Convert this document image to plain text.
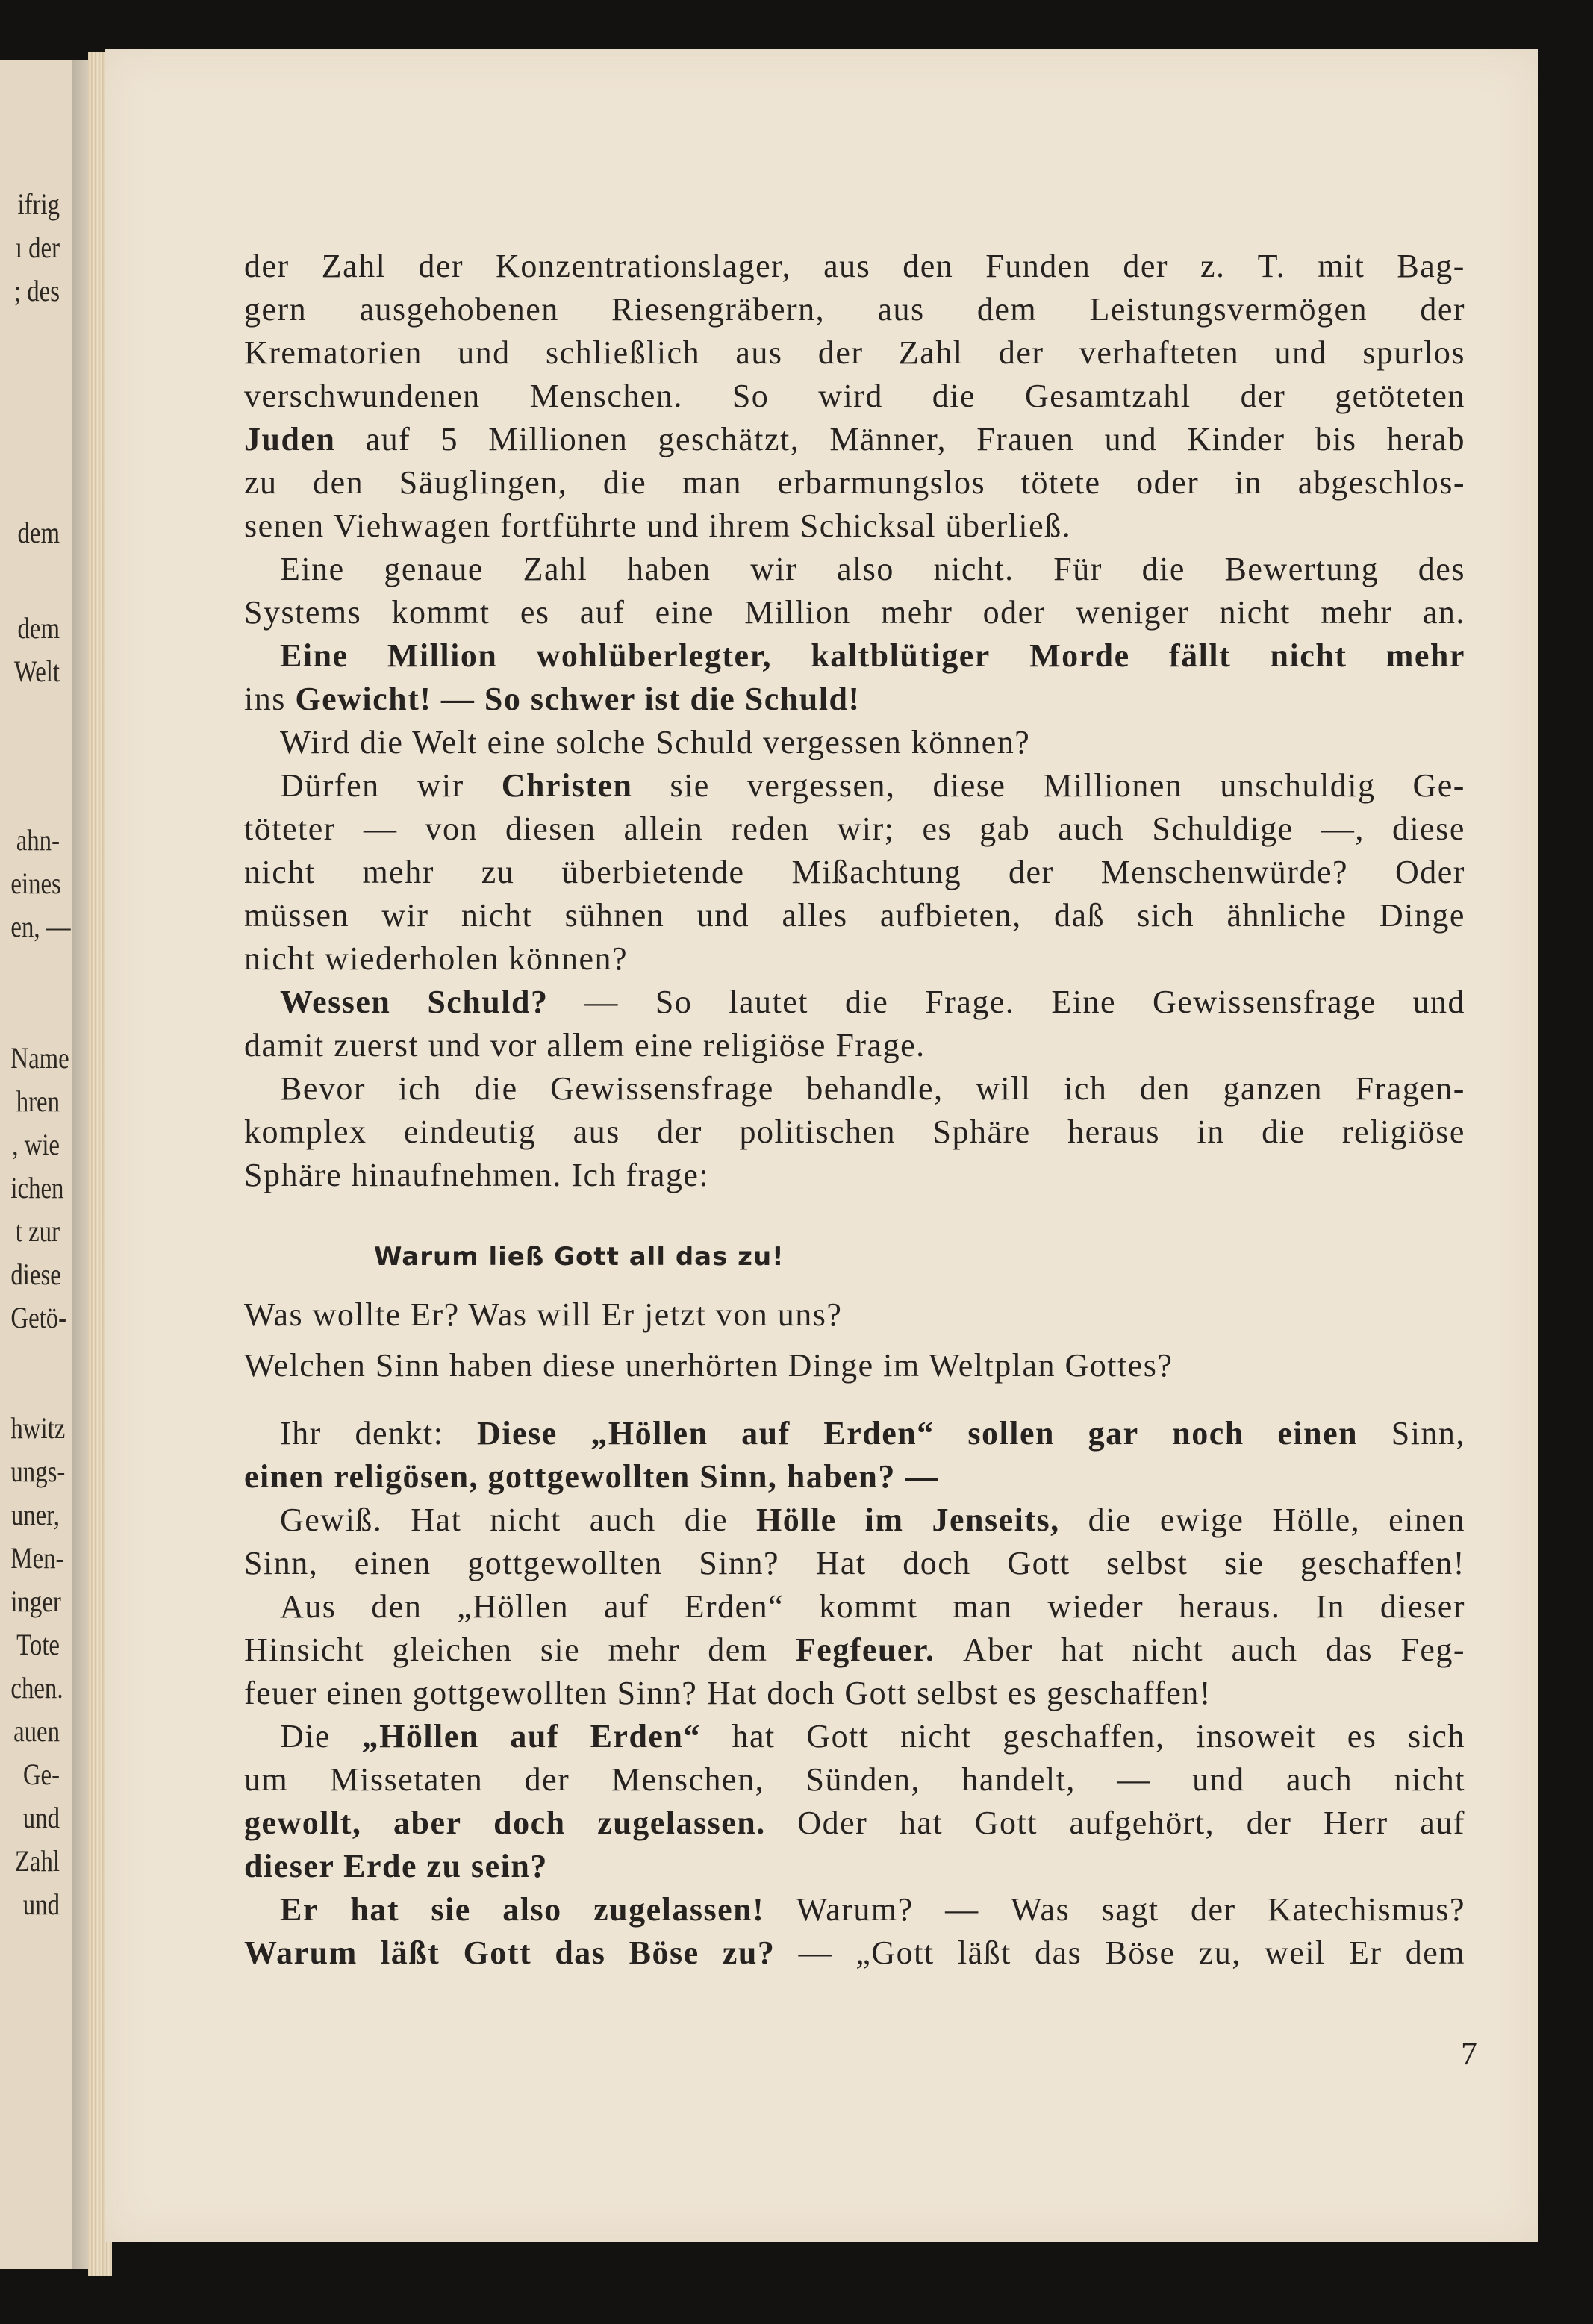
ifrig
ı der
; des
dem
dem
Welt
ahn-
eines
en, —
Name
hren
, wie
ichen
t zur
diese
Getö-
hwitz
ungs-
uner,
Men-
inger
Tote
chen.
auen
Ge-
und
Zahl
und
der Zahl der Konzentrationslager, aus den Funden der z. T. mit Bag-
gern ausgehobenen Riesengräbern, aus dem Leistungsvermögen der
Krematorien und schließlich aus der Zahl der verhafteten und spurlos
verschwundenen Menschen. So wird die Gesamtzahl der getöteten
Juden auf 5 Millionen geschätzt, Männer, Frauen und Kinder bis herab
zu den Säuglingen, die man erbarmungslos tötete oder in abgeschlos-
senen Viehwagen fortführte und ihrem Schicksal überließ.
Eine genaue Zahl haben wir also nicht. Für die Bewertung des
Systems kommt es auf eine Million mehr oder weniger nicht mehr an.
Eine Million wohlüberlegter, kaltblütiger Morde fällt nicht mehr
ins Gewicht! — So schwer ist die Schuld!
Wird die Welt eine solche Schuld vergessen können?
Dürfen wir Christen sie vergessen, diese Millionen unschuldig Ge-
töteter — von diesen allein reden wir; es gab auch Schuldige —, diese
nicht mehr zu überbietende Mißachtung der Menschenwürde? Oder
müssen wir nicht sühnen und alles aufbieten, daß sich ähnliche Dinge
nicht wiederholen können?
Wessen Schuld? — So lautet die Frage. Eine Gewissensfrage und
damit zuerst und vor allem eine religiöse Frage.
Bevor ich die Gewissensfrage behandle, will ich den ganzen Fragen-
komplex eindeutig aus der politischen Sphäre heraus in die religiöse
Sphäre hinaufnehmen. Ich frage:
Warum ließ Gott all das zu!
Was wollte Er? Was will Er jetzt von uns?
Welchen Sinn haben diese unerhörten Dinge im Weltplan Gottes?
Ihr denkt: Diese „Höllen auf Erden“ sollen gar noch einen Sinn,
einen religösen, gottgewollten Sinn, haben? —
Gewiß. Hat nicht auch die Hölle im Jenseits, die ewige Hölle, einen
Sinn, einen gottgewollten Sinn? Hat doch Gott selbst sie geschaffen!
Aus den „Höllen auf Erden“ kommt man wieder heraus. In dieser
Hinsicht gleichen sie mehr dem Fegfeuer. Aber hat nicht auch das Feg-
feuer einen gottgewollten Sinn? Hat doch Gott selbst es geschaffen!
Die „Höllen auf Erden“ hat Gott nicht geschaffen, insoweit es sich
um Missetaten der Menschen, Sünden, handelt, — und auch nicht
gewollt, aber doch zugelassen. Oder hat Gott aufgehört, der Herr auf
dieser Erde zu sein?
Er hat sie also zugelassen! Warum? — Was sagt der Katechismus?
Warum läßt Gott das Böse zu? — „Gott läßt das Böse zu, weil Er dem
7
